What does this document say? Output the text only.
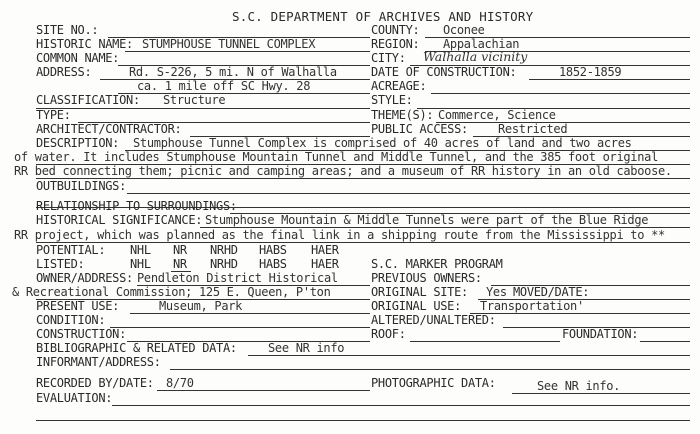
S.C. DEPARTMENT OF ARCHIVES AND HISTORY
SITE NO.:	COUNTY: Oconee
HISTORIC NAME: STUMPHOUSE TUNNEL COMPLEX	REGION: Appalachian
COMMON NAME:	CITY: Walhalla vicinity
ADDRESS:	Rd. S-226, 5 mi. N of Walhalla	DATE OF CONSTRUCTION:	1852-1859
ca. 1 mile off SC Hwy. 28	ACREAGE:
CLASSIFICATION: Structure	STYLE:
TYPE:	THEME(S): Commerce, Science
ARCHITECT/CONTRACTOR:	PUBLIC ACCESS:	Restricted
DESCRIPTION: Stumphouse Tunnel Complex is comprised of 40 acres of land and two acres
of water. It includes Stumphouse Mountain Tunnel and Middle Tunnel, and the 385 foot original
RR bed connecting them; picnic and camping areas; and a museum of RR history in an old caboose.
OUTBUILDINGS:
RELATIONSHIP TO SURROUNDINGS:
HISTORICAL SIGNIFICANCE: Stumphouse Mountain & Middle Tunnels were part of the Blue Ridge
RR project, which was planned as the final link in a shipping route from the Mississippi to **
POTENTIAL: NHL NR NRHD HABS HAER
LISTED:	NHL NR NRHD HABS HAER	S.C. MARKER PROGRAM
OWNER/ADDRESS: Pendleton District Historical	PREVIOUS OWNERS:
& Recreational Commission; 125 E. Queen, P'ton	ORIGINAL SITE: Yes MOVED/DATE:
PRESENT USE:	Museum, Park	ORIGINAL USE: Transportation'
CONDITION:	ALTERED/UNALTERED:
CONSTRUCTION:	ROOF:	FOUNDATION:
BIBLIOGRAPHIC & RELATED DATA:	See NR info
INFORMANT/ADDRESS:
RECORDED BY/DATE: 8/70	PHOTOGRAPHIC DATA:	See NR info.
EVALUATION:
